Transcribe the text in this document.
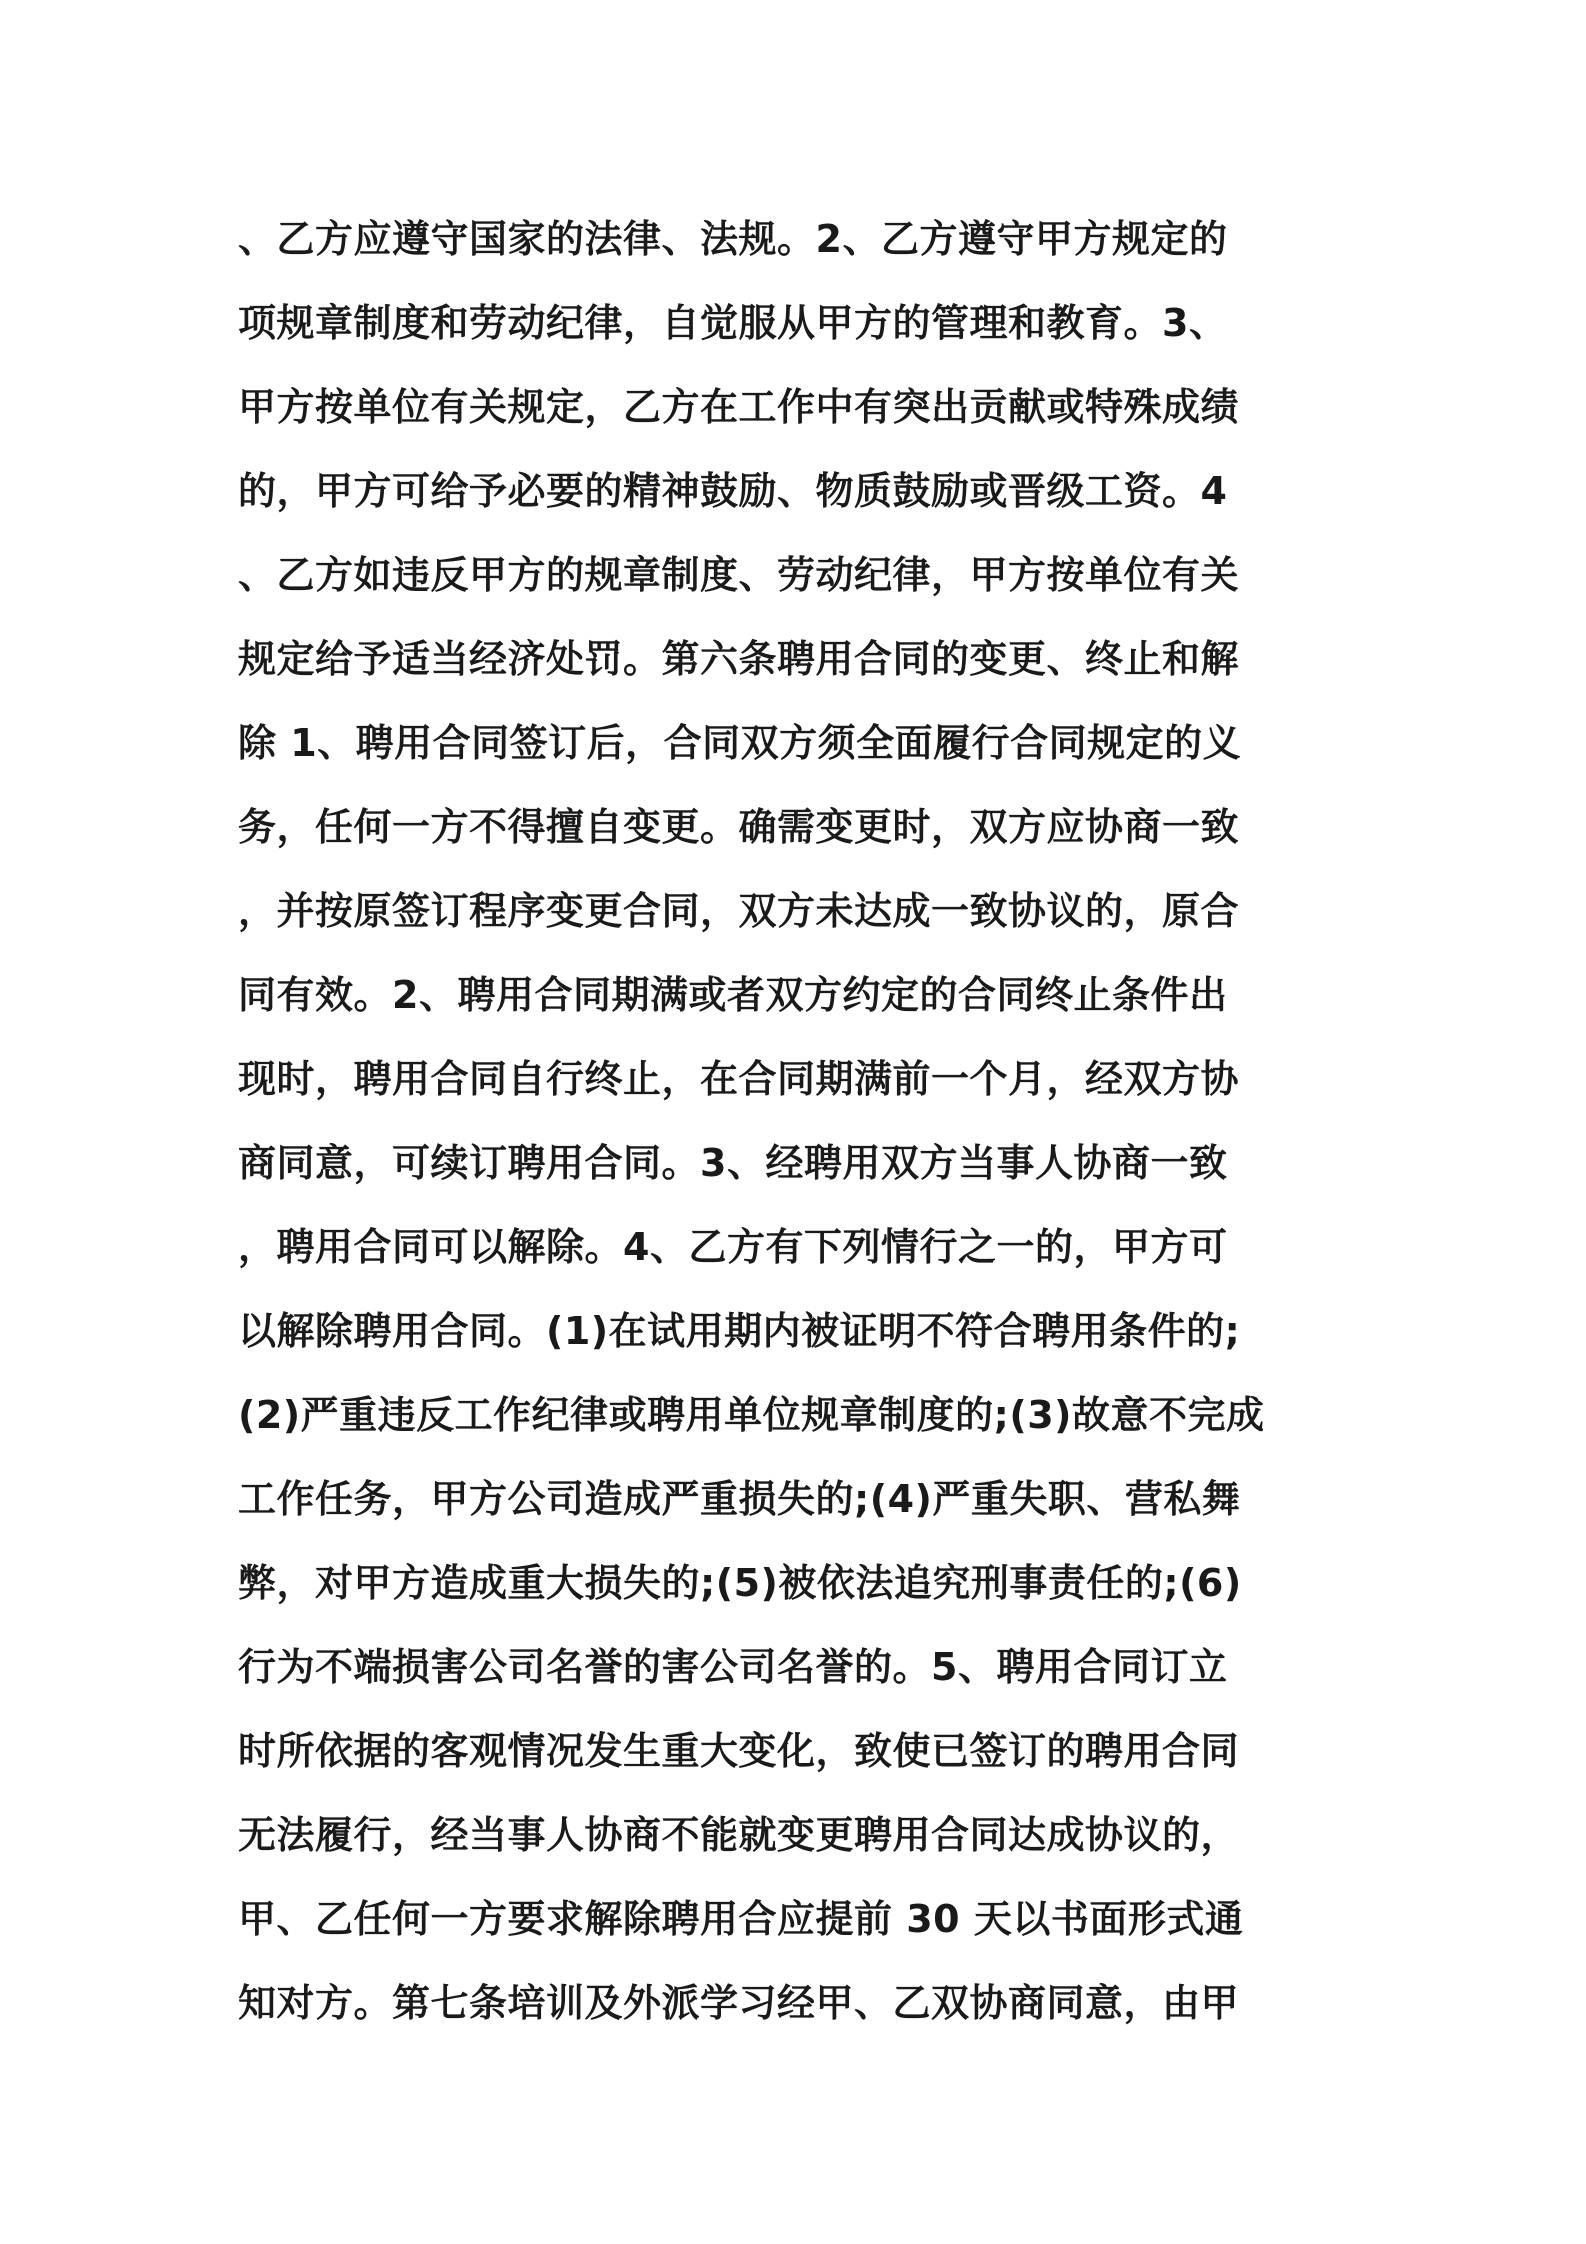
、乙方应遵守国家的法律、法规。2、乙方遵守甲方规定的
项规章制度和劳动纪律，自觉服从甲方的管理和教育。3、
甲方按单位有关规定，乙方在工作中有突出贡献或特殊成绩
的，甲方可给予必要的精神鼓励、物质鼓励或晋级工资。4
、乙方如违反甲方的规章制度、劳动纪律，甲方按单位有关
规定给予适当经济处罚。第六条聘用合同的变更、终止和解
除 1、聘用合同签订后，合同双方须全面履行合同规定的义
务，任何一方不得擅自变更。确需变更时，双方应协商一致
，并按原签订程序变更合同，双方未达成一致协议的，原合
同有效。2、聘用合同期满或者双方约定的合同终止条件出
现时，聘用合同自行终止，在合同期满前一个月，经双方协
商同意，可续订聘用合同。3、经聘用双方当事人协商一致
，聘用合同可以解除。4、乙方有下列情行之一的，甲方可
以解除聘用合同。(1)在试用期内被证明不符合聘用条件的;
(2)严重违反工作纪律或聘用单位规章制度的;(3)故意不完成
工作任务，甲方公司造成严重损失的;(4)严重失职、营私舞
弊，对甲方造成重大损失的;(5)被依法追究刑事责任的;(6)
行为不端损害公司名誉的害公司名誉的。5、聘用合同订立
时所依据的客观情况发生重大变化，致使已签订的聘用合同
无法履行，经当事人协商不能就变更聘用合同达成协议的，
甲、乙任何一方要求解除聘用合应提前 30 天以书面形式通
知对方。第七条培训及外派学习经甲、乙双协商同意，由甲
